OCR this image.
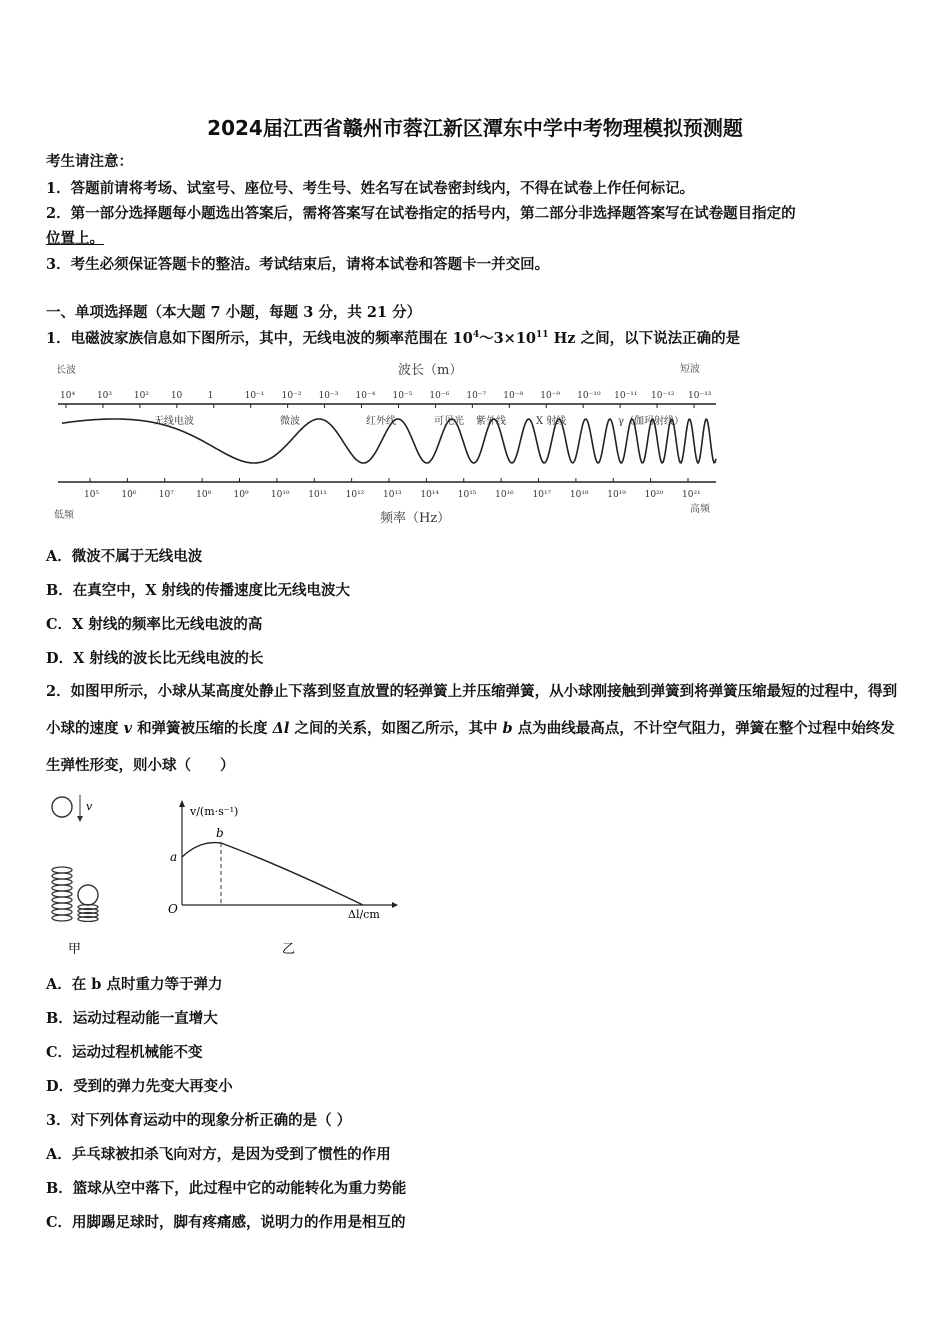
2024届江西省赣州市蓉江新区潭东中学中考物理模拟预测题
考生请注意：
1．答题前请将考场、试室号、座位号、考生号、姓名写在试卷密封线内，不得在试卷上作任何标记。
2．第一部分选择题每小题选出答案后，需将答案写在试卷指定的括号内，第二部分非选择题答案写在试卷题目指定的
位置上。
3．考生必须保证答题卡的整洁。考试结束后，请将本试卷和答题卡一并交回。
一、单项选择题（本大题 7 小题，每题 3 分，共 21 分）
1．电磁波家族信息如下图所示，其中，无线电波的频率范围在 $10^4\sim 3\times 10^{11}$ Hz 之间，以下说法正确的是
长波	波长（m）	短波
10⁴ 10³ 10² 10	1	10⁻¹ 10⁻² 10⁻³ 10⁻⁴ 10⁻⁵ 10⁻⁶ 10⁻⁷ 10⁻⁸ 10⁻⁹ 10⁻¹⁰ 10⁻¹¹ 10⁻¹² 10⁻¹³
无线电波	微波	红外线	可见光 紫外线	X 射线	γ（伽玛射线）
10⁵ 10⁶ 10⁷ 10⁸ 10⁹ 10¹⁰ 10¹¹ 10¹² 10¹³ 10¹⁴ 10¹⁵ 10¹⁶ 10¹⁷ 10¹⁸ 10¹⁹ 10²⁰ 10²¹
低频	频率（Hz）
高频
A．微波不属于无线电波
B．在真空中，X 射线的传播速度比无线电波大
C．X 射线的频率比无线电波的高
D．X 射线的波长比无线电波的长
2．如图甲所示，小球从某高度处静止下落到竖直放置的轻弹簧上并压缩弹簧，从小球刚接触到弹簧到将弹簧压缩最短的过程中，得到小球的速度 v 和弹簧被压缩的长度 Δl 之间的关系，如图乙所示，其中 b 点为曲线最高点，不计空气阻力，弹簧在整个过程中始终发生弹性形变，则小球（　　）
v
甲
v/(m·s⁻¹)
a
b
O	Δl/cm
乙
A．在 b 点时重力等于弹力
B．运动过程动能一直增大
C．运动过程机械能不变
D．受到的弹力先变大再变小
3．对下列体育运动中的现象分析正确的是（ ）
A．乒乓球被扣杀飞向对方，是因为受到了惯性的作用
B．篮球从空中落下，此过程中它的动能转化为重力势能
C．用脚踢足球时，脚有疼痛感，说明力的作用是相互的
